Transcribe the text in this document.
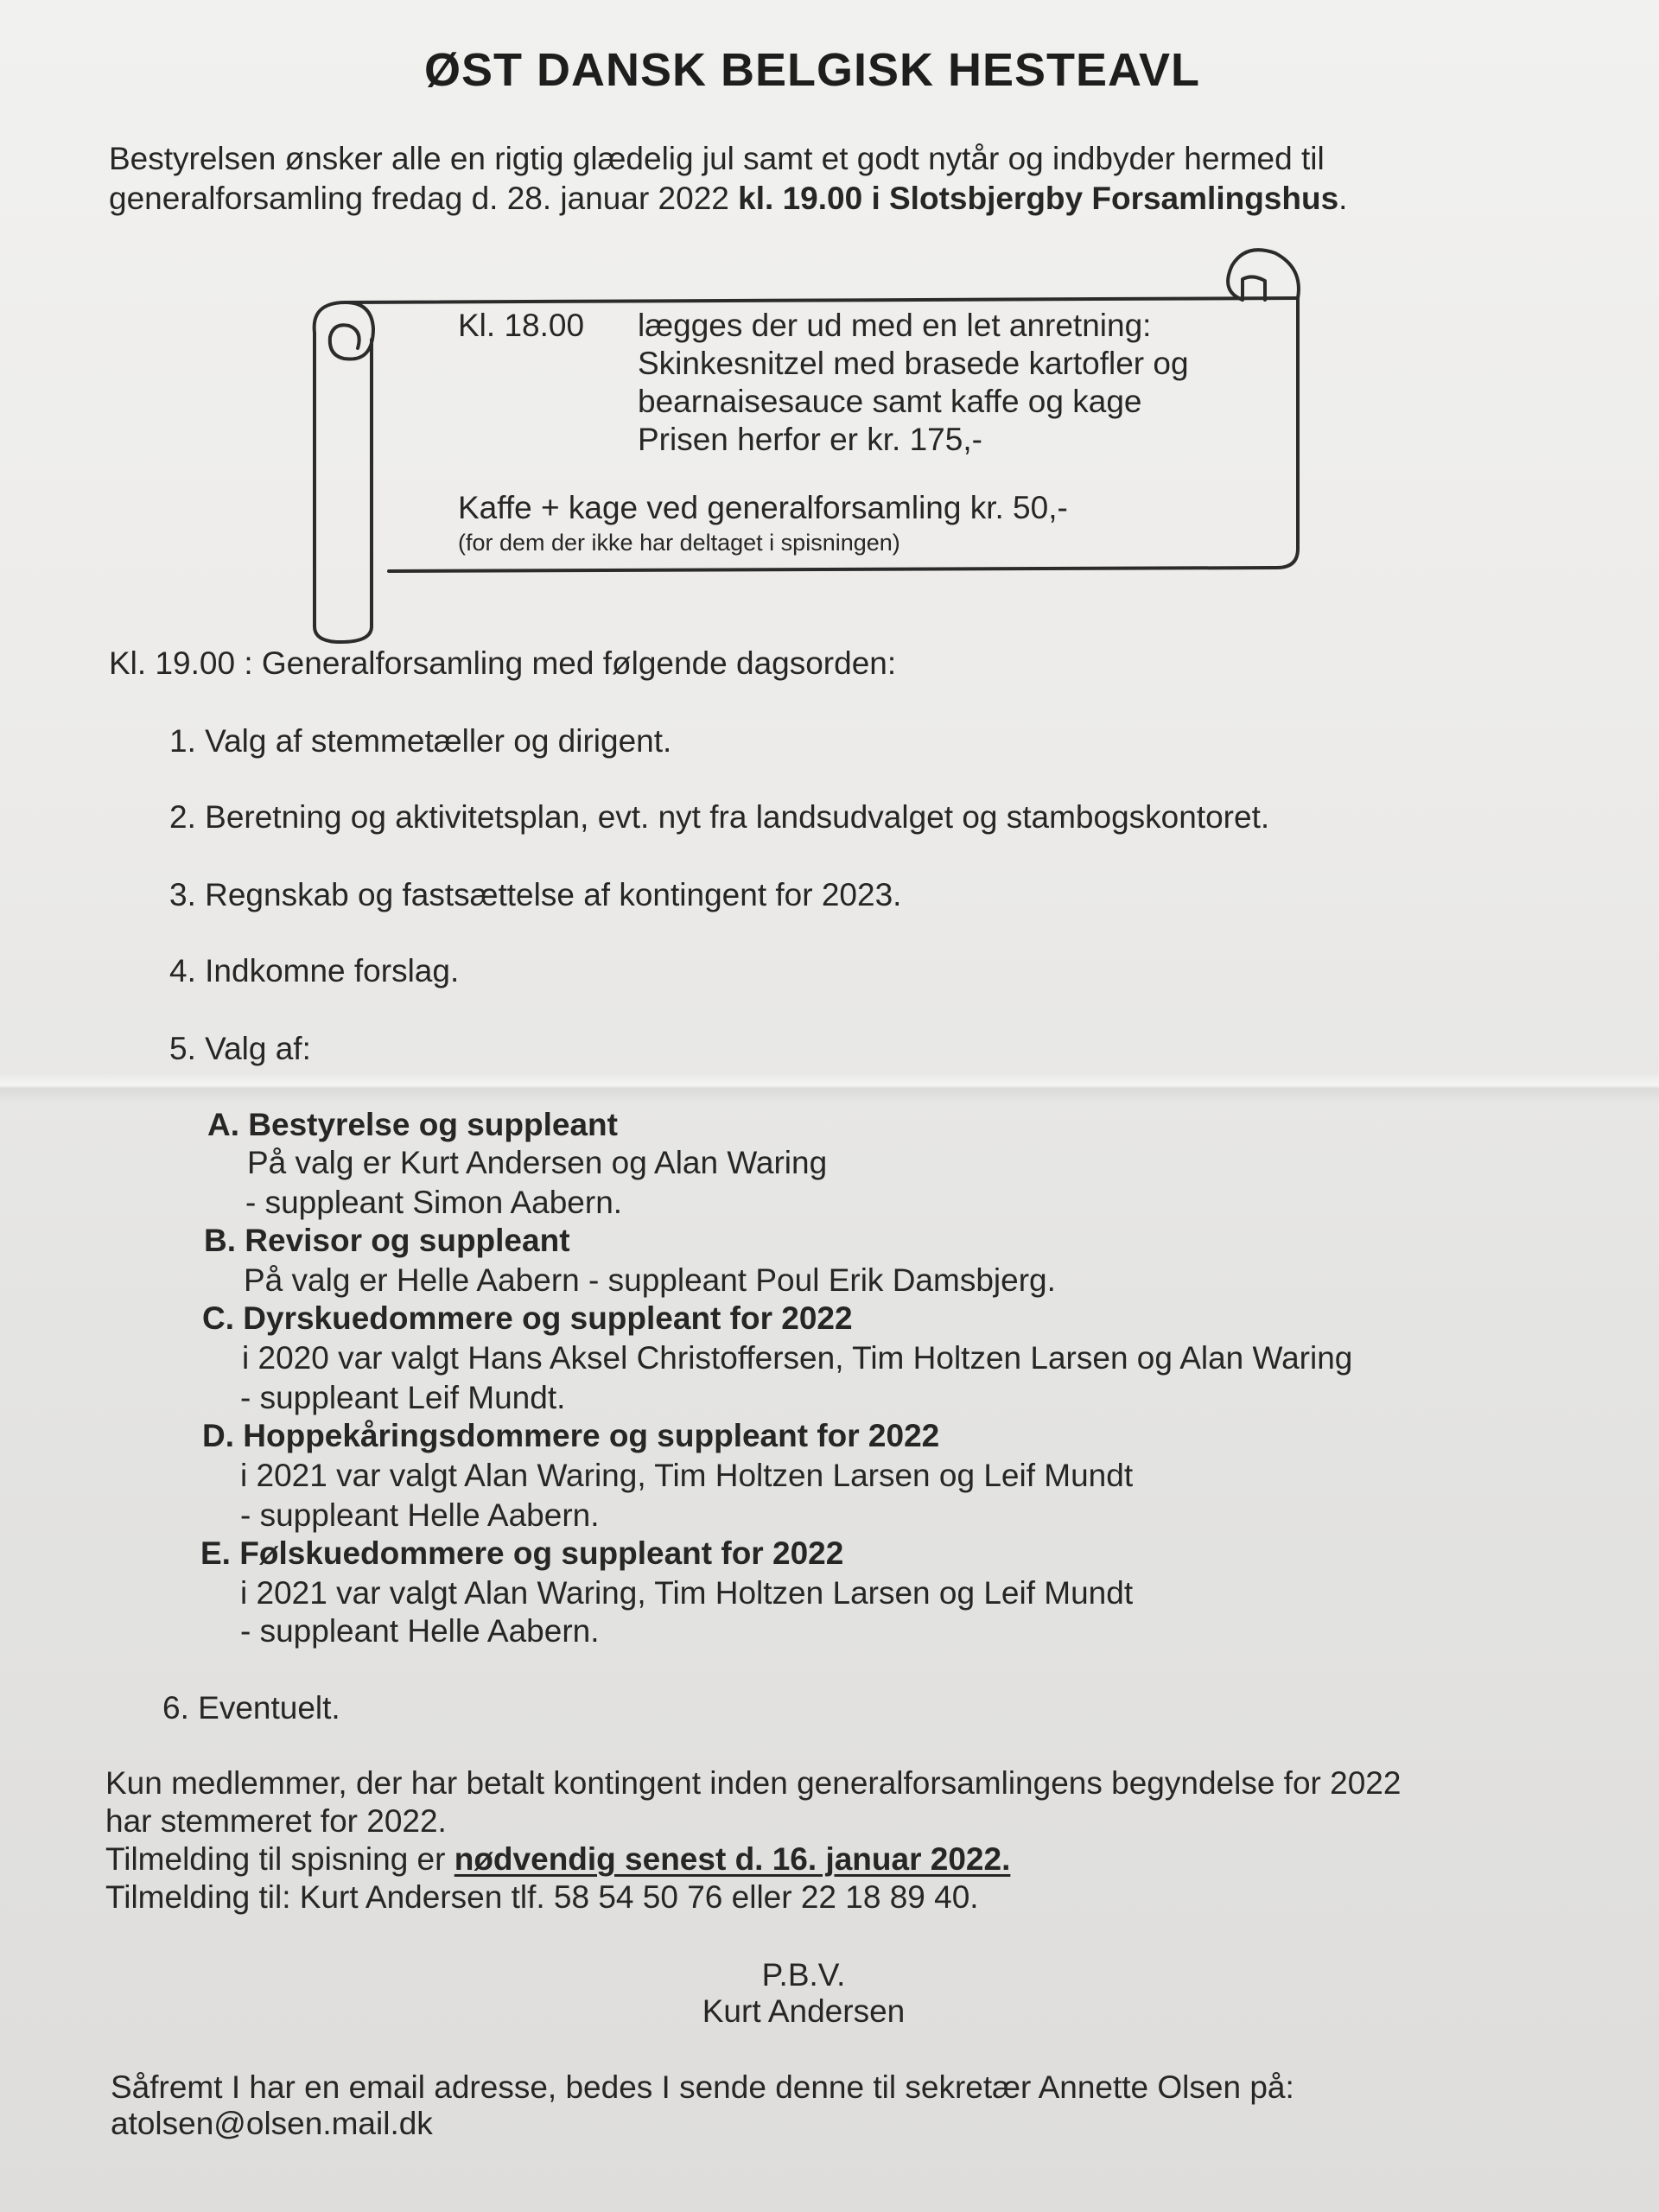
ØST DANSK BELGISK HESTEAVL
Bestyrelsen ønsker alle en rigtig glædelig jul samt et godt nytår og indbyder hermed til
generalforsamling fredag d. 28. januar 2022 kl. 19.00 i Slotsbjergby Forsamlingshus.
Kl. 18.00 lægges der ud med en let anretning:
Skinkesnitzel med brasede kartofler og
bearnaisesauce samt kaffe og kage
Prisen herfor er kr. 175,-
Kaffe + kage ved generalforsamling kr. 50,-
(for dem der ikke har deltaget i spisningen)
Kl. 19.00 : Generalforsamling med følgende dagsorden:
1. Valg af stemmetæller og dirigent.
2. Beretning og aktivitetsplan, evt. nyt fra landsudvalget og stambogskontoret.
3. Regnskab og fastsættelse af kontingent for 2023.
4. Indkomne forslag.
5. Valg af:
A. Bestyrelse og suppleant
På valg er Kurt Andersen og Alan Waring
- suppleant Simon Aabern.
B. Revisor og suppleant
På valg er Helle Aabern - suppleant Poul Erik Damsbjerg.
C. Dyrskuedommere og suppleant for 2022
i 2020 var valgt Hans Aksel Christoffersen, Tim Holtzen Larsen og Alan Waring
- suppleant Leif Mundt.
D. Hoppekåringsdommere og suppleant for 2022
i 2021 var valgt Alan Waring, Tim Holtzen Larsen og Leif Mundt
- suppleant Helle Aabern.
E. Følskuedommere og suppleant for 2022
i 2021 var valgt Alan Waring, Tim Holtzen Larsen og Leif Mundt
- suppleant Helle Aabern.
6. Eventuelt.
Kun medlemmer, der har betalt kontingent inden generalforsamlingens begyndelse for 2022
har stemmeret for 2022.
Tilmelding til spisning er nødvendig senest d. 16. januar 2022.
Tilmelding til: Kurt Andersen tlf. 58 54 50 76 eller 22 18 89 40.
P.B.V.
Kurt Andersen
Såfremt I har en email adresse, bedes I sende denne til sekretær Annette Olsen på:
atolsen@olsen.mail.dk
